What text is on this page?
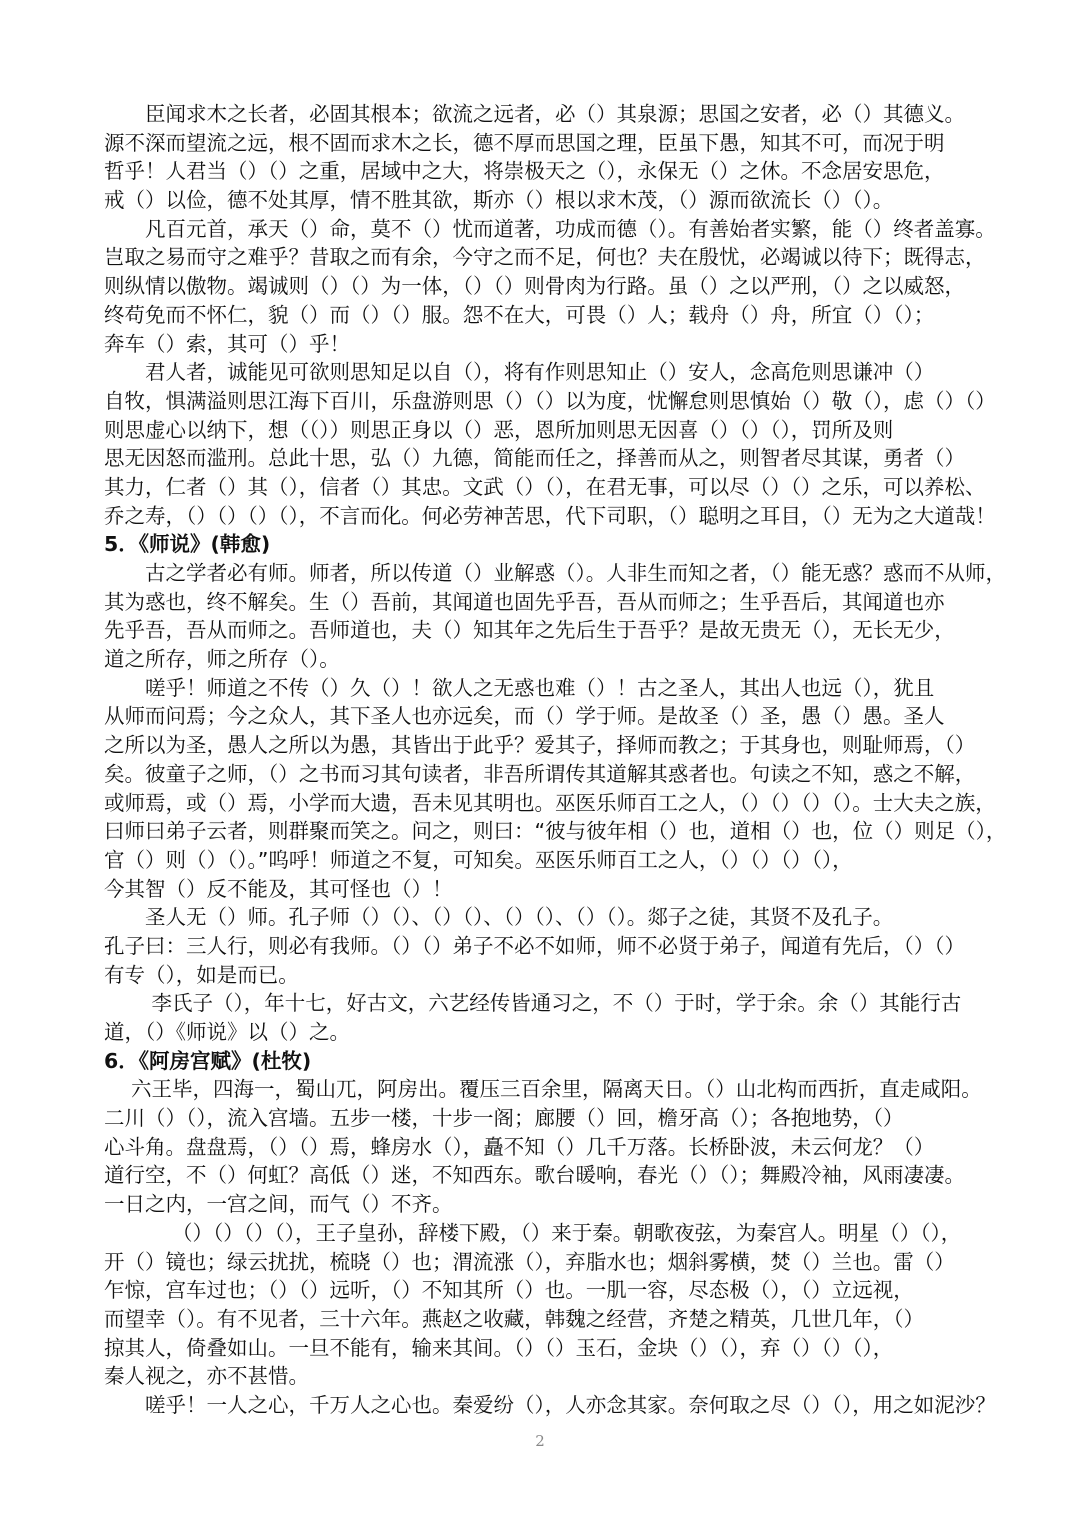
　　臣闻求木之长者，必固其根本；欲流之远者，必（）其泉源；思国之安者，必（）其德义。
源不深而望流之远，根不固而求木之长，德不厚而思国之理，臣虽下愚，知其不可，而况于明
哲乎！人君当（）（）之重，居域中之大，将崇极天之（），永保无（）之休。不念居安思危，
戒（）以俭，德不处其厚，情不胜其欲，斯亦（）根以求木茂，（）源而欲流长（）（）。
　　凡百元首，承天（）命，莫不（）忧而道著，功成而德（）。有善始者实繁，能（）终者盖寡。
岂取之易而守之难乎？昔取之而有余，今守之而不足，何也？夫在殷忧，必竭诚以待下；既得志，
则纵情以傲物。竭诚则（）（）为一体，（）（）则骨肉为行路。虽（）之以严刑，（）之以威怒，
终苟免而不怀仁，貌（）而（）（）服。怨不在大，可畏（）人；载舟（）舟，所宜（）（）；
奔车（）索，其可（）乎！
　　君人者，诚能见可欲则思知足以自（），将有作则思知止（）安人，念高危则思谦冲（）
自牧，惧满溢则思江海下百川，乐盘游则思（）（）以为度，忧懈怠则思慎始（）敬（），虑（）（）
则思虚心以纳下，想（（））则思正身以（）恶，恩所加则思无因喜（）（）（），罚所及则
思无因怒而滥刑。总此十思，弘（）九德，简能而任之，择善而从之，则智者尽其谋，勇者（）
其力，仁者（）其（），信者（）其忠。文武（）（），在君无事，可以尽（）（）之乐，可以养松、
乔之寿，（）（）（）（），不言而化。何必劳神苦思，代下司职，（）聪明之耳目，（）无为之大道哉！
5．《师说》(韩愈)
　　古之学者必有师。师者，所以传道（）业解惑（）。人非生而知之者，（）能无惑？惑而不从师，
其为惑也，终不解矣。生（）吾前，其闻道也固先乎吾，吾从而师之；生乎吾后，其闻道也亦
先乎吾，吾从而师之。吾师道也，夫（）知其年之先后生于吾乎？是故无贵无（），无长无少，
道之所存，师之所存（）。
　　嗟乎！师道之不传（）久（）！欲人之无惑也难（）！古之圣人，其出人也远（），犹且
从师而问焉；今之众人，其下圣人也亦远矣，而（）学于师。是故圣（）圣，愚（）愚。圣人
之所以为圣，愚人之所以为愚，其皆出于此乎？爱其子，择师而教之；于其身也，则耻师焉，（）
矣。彼童子之师，（）之书而习其句读者，非吾所谓传其道解其惑者也。句读之不知，惑之不解，
或师焉，或（）焉，小学而大遗，吾未见其明也。巫医乐师百工之人，（）（）（）（）。士大夫之族，
曰师曰弟子云者，则群聚而笑之。问之，则曰：“彼与彼年相（）也，道相（）也，位（）则足（），
官（）则（）（）。”呜呼！师道之不复，可知矣。巫医乐师百工之人，（）（）（）（），
今其智（）反不能及，其可怪也（）！
　　圣人无（）师。孔子师（）（）、（）（）、（）（）、（）（）。郯子之徒，其贤不及孔子。
孔子曰：三人行，则必有我师。（）（）弟子不必不如师，师不必贤于弟子，闻道有先后，（）（）
有专（），如是而已。
　　 李氏子（），年十七，好古文，六艺经传皆通习之，不（）于时，学于余。余（）其能行古
道，（）《师说》以（）之。
6．《阿房宫赋》(杜牧)
　 六王毕，四海一，蜀山兀，阿房出。覆压三百余里，隔离天日。（）山北构而西折，直走咸阳。
二川（）（），流入宫墙。五步一楼，十步一阁；廊腰（）回，檐牙高（）；各抱地势，（）
心斗角。盘盘焉，（）（）焉，蜂房水（），矗不知（）几千万落。长桥卧波，未云何龙？（）
道行空，不（）何虹？高低（）迷，不知西东。歌台暖响，春光（）（）；舞殿冷袖，风雨凄凄。
一日之内，一宫之间，而气（）不齐。
　　　 （）（）（）（），王子皇孙，辞楼下殿，（）来于秦。朝歌夜弦，为秦宫人。明星（）（），
开（）镜也；绿云扰扰，梳晓（）也；渭流涨（），弃脂水也；烟斜雾横，焚（）兰也。雷（）
乍惊，宫车过也；（）（）远听，（）不知其所（）也。一肌一容，尽态极（），（）立远视，
而望幸（）。有不见者，三十六年。燕赵之收藏，韩魏之经营，齐楚之精英，几世几年，（）
掠其人，倚叠如山。一旦不能有，输来其间。（）（）玉石，金块（）（），弃（）（）（），
秦人视之，亦不甚惜。
　　嗟乎！一人之心，千万人之心也。秦爱纷（），人亦念其家。奈何取之尽（）（），用之如泥沙？
2
